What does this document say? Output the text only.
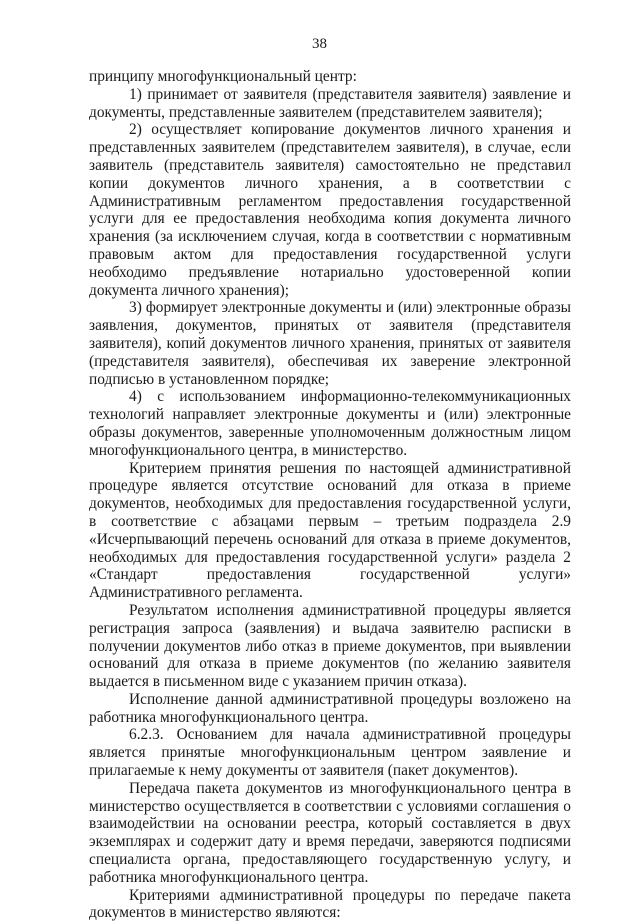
38

принципу многофункциональный центр:

1) принимает от заявителя (представителя заявителя) заявление и документы, представленные заявителем (представителем заявителя);

2) осуществляет копирование документов личного хранения и представленных заявителем (представителем заявителя), в случае, если заявитель (представитель заявителя) самостоятельно не представил копии документов личного хранения, а в соответствии с Административным регламентом предоставления государственной услуги для ее предоставления необходима копия документа личного хранения (за исключением случая, когда в соответствии с нормативным правовым актом для предоставления государственной услуги необходимо предъявление нотариально удостоверенной копии документа личного хранения);

3) формирует электронные документы и (или) электронные образы заявления, документов, принятых от заявителя (представителя заявителя), копий документов личного хранения, принятых от заявителя (представителя заявителя), обеспечивая их заверение электронной подписью в установленном порядке;

4) с использованием информационно-телекоммуникационных технологий направляет электронные документы и (или) электронные образы документов, заверенные уполномоченным должностным лицом многофункционального центра, в министерство.

Критерием принятия решения по настоящей административной процедуре является отсутствие оснований для отказа в приеме документов, необходимых для предоставления государственной услуги, в соответствие с абзацами первым – третьим подраздела 2.9 «Исчерпывающий перечень оснований для отказа в приеме документов, необходимых для предоставления государственной услуги» раздела 2 «Стандарт предоставления государственной услуги» Административного регламента.

Результатом исполнения административной процедуры является регистрация запроса (заявления) и выдача заявителю расписки в получении документов либо отказ в приеме документов, при выявлении оснований для отказа в приеме документов (по желанию заявителя выдается в письменном виде с указанием причин отказа).

Исполнение данной административной процедуры возложено на работника многофункционального центра.

6.2.3. Основанием для начала административной процедуры является принятые многофункциональным центром заявление и прилагаемые к нему документы от заявителя (пакет документов).

Передача пакета документов из многофункционального центра в министерство осуществляется в соответствии с условиями соглашения о взаимодействии на основании реестра, который составляется в двух экземплярах и содержит дату и время передачи, заверяются подписями специалиста органа, предоставляющего государственную услугу, и работника многофункционального центра.

Критериями административной процедуры по передаче пакета документов в министерство являются:
